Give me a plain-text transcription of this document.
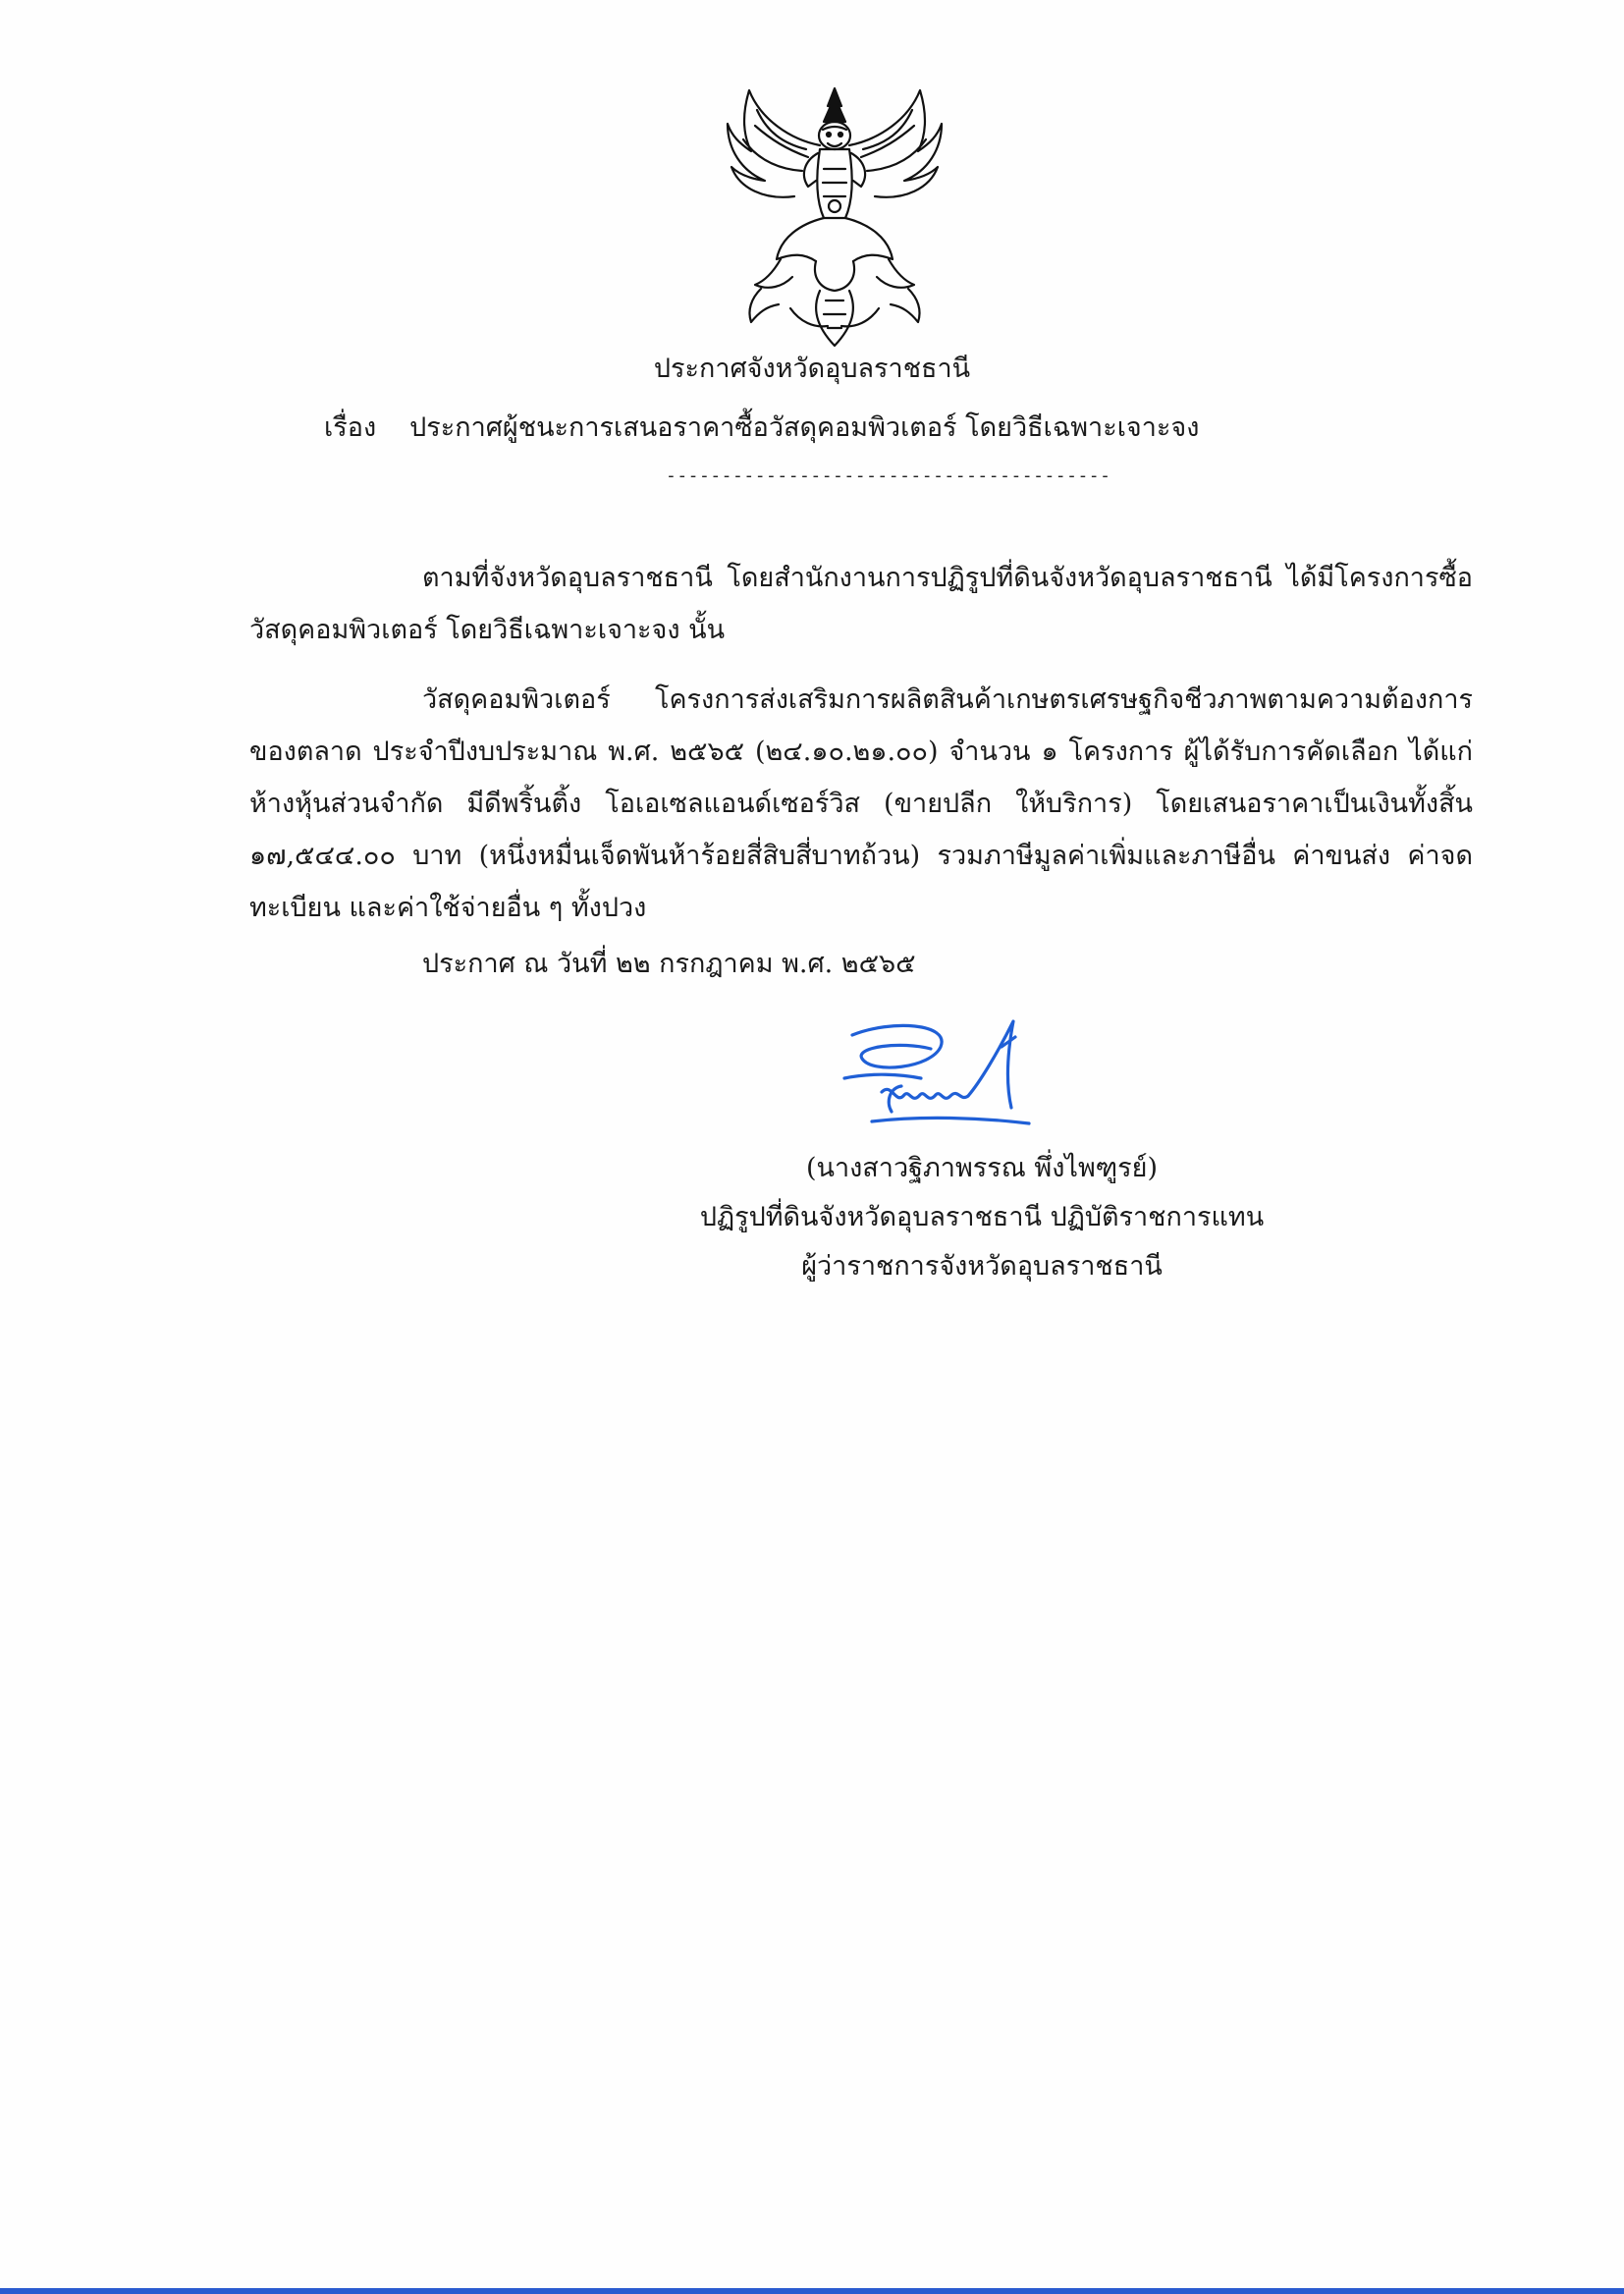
ประกาศจังหวัดอุบลราชธานี
เรื่อง ประกาศผู้ชนะการเสนอราคาซื้อวัสดุคอมพิวเตอร์ โดยวิธีเฉพาะเจาะจง
----------------------------------------
ตามที่จังหวัดอุบลราชธานี โดยสำนักงานการปฏิรูปที่ดินจังหวัดอุบลราชธานี ได้มีโครงการซื้อวัสดุคอมพิวเตอร์ โดยวิธีเฉพาะเจาะจง นั้น
วัสดุคอมพิวเตอร์ โครงการส่งเสริมการผลิตสินค้าเกษตรเศรษฐกิจชีวภาพตามความต้องการของตลาด ประจำปีงบประมาณ พ.ศ. ๒๕๖๕ (๒๔.๑๐.๒๑.๐๐) จำนวน ๑ โครงการ ผู้ได้รับการคัดเลือก ได้แก่ ห้างหุ้นส่วนจำกัด มีดีพริ้นติ้ง โอเอเซลแอนด์เซอร์วิส (ขายปลีก ให้บริการ) โดยเสนอราคาเป็นเงินทั้งสิ้น ๑๗,๕๔๔.๐๐ บาท (หนึ่งหมื่นเจ็ดพันห้าร้อยสี่สิบสี่บาทถ้วน) รวมภาษีมูลค่าเพิ่มและภาษีอื่น ค่าขนส่ง ค่าจดทะเบียน และค่าใช้จ่ายอื่น ๆ ทั้งปวง
ประกาศ ณ วันที่ ๒๒ กรกฎาคม พ.ศ. ๒๕๖๕
(นางสาวฐิภาพรรณ พึ่งไพฑูรย์)
ปฏิรูปที่ดินจังหวัดอุบลราชธานี ปฏิบัติราชการแทน
ผู้ว่าราชการจังหวัดอุบลราชธานี
